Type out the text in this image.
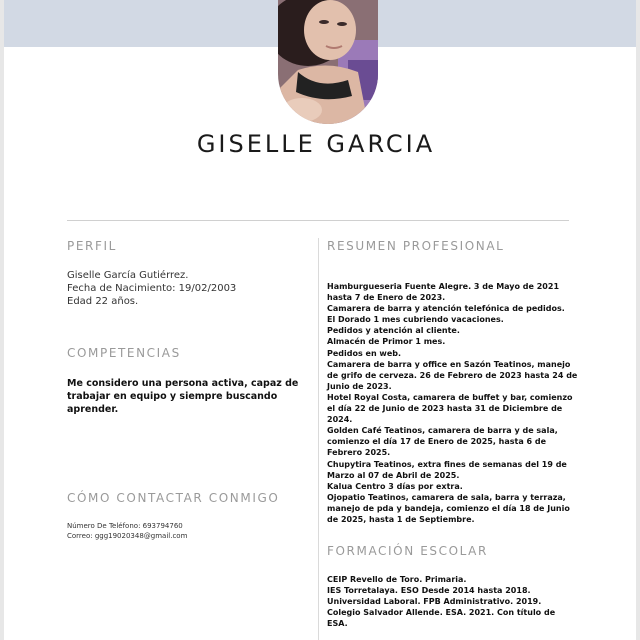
GISELLE GARCIA
PERFIL
Giselle García Gutiérrez.
Fecha de Nacimiento: 19/02/2003
Edad 22 años.
COMPETENCIAS
Me considero una persona activa, capaz de
trabajar en equipo y siempre buscando
aprender.
CÓMO CONTACTAR CONMIGO
Número De Teléfono: 693794760
Correo: ggg19020348@gmail.com
RESUMEN PROFESIONAL
Hamburgueseria Fuente Alegre. 3 de Mayo de 2021
hasta 7 de Enero de 2023.
Camarera de barra y atención telefónica de pedidos.
El Dorado 1 mes cubriendo vacaciones.
Pedidos y atención al cliente.
Almacén de Primor 1 mes.
Pedidos en web.
Camarera de barra y office en Sazón Teatinos, manejo
de grifo de cerveza. 26 de Febrero de 2023 hasta 24 de
Junio de 2023.
Hotel Royal Costa, camarera de buffet y bar, comienzo
el día 22 de Junio de 2023 hasta 31 de Diciembre de
2024.
Golden Café Teatinos, camarera de barra y de sala,
comienzo el día 17 de Enero de 2025, hasta 6 de
Febrero 2025.
Chupytira Teatinos, extra fines de semanas del 19 de
Marzo al 07 de Abril de 2025.
Kalua Centro 3 días por extra.
Ojopatio Teatinos, camarera de sala, barra y terraza,
manejo de pda y bandeja, comienzo el día 18 de Junio
de 2025, hasta 1 de Septiembre.
FORMACIÓN ESCOLAR
CEIP Revello de Toro. Primaria.
IES Torretalaya. ESO Desde 2014 hasta 2018.
Universidad Laboral. FPB Administrativo. 2019.
Colegio Salvador Allende. ESA. 2021. Con título de
ESA.
